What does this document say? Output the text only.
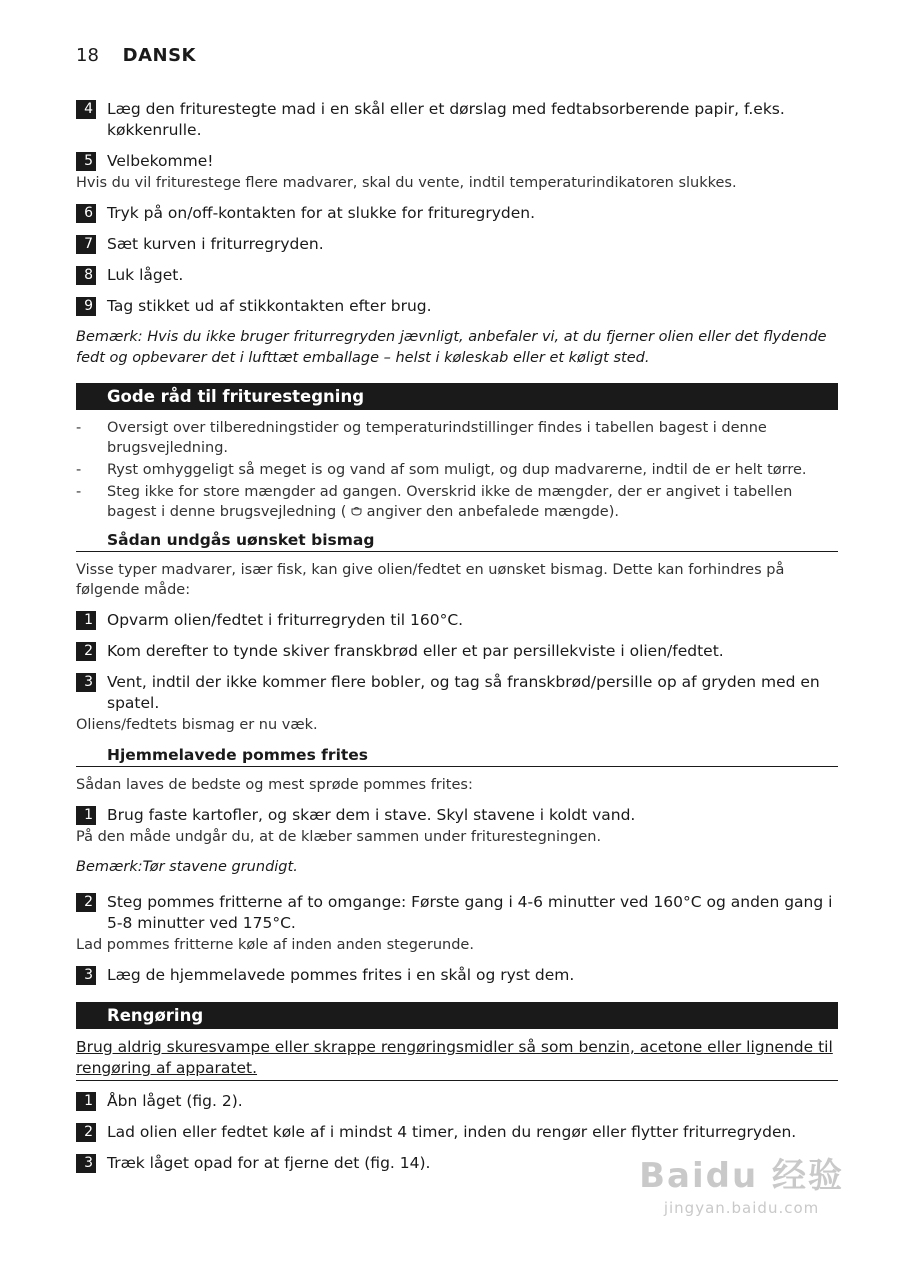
18 DANSK
4 Læg den friturestegte mad i en skål eller et dørslag med fedtabsorberende papir, f.eks. køkkenrulle.
5 Velbekomme!
Hvis du vil friturestege flere madvarer, skal du vente, indtil temperaturindikatoren slukkes.
6 Tryk på on/off-kontakten for at slukke for frituregryden.
7 Sæt kurven i friturregryden.
8 Luk låget.
9 Tag stikket ud af stikkontakten efter brug.
Bemærk: Hvis du ikke bruger friturregryden jævnligt, anbefaler vi, at du fjerner olien eller det flydende fedt og opbevarer det i lufttæt emballage – helst i køleskab eller et køligt sted.
Gode råd til friturestegning
-	Oversigt over tilberedningstider og temperaturindstillinger findes i tabellen bagest i denne brugsvejledning.
-	Ryst omhyggeligt så meget is og vand af som muligt, og dup madvarerne, indtil de er helt tørre.
-	Steg ikke for store mængder ad gangen. Overskrid ikke de mængder, der er angivet i tabellen bagest i denne brugsvejledning (  angiver den anbefalede mængde).
Sådan undgås uønsket bismag
Visse typer madvarer, især fisk, kan give olien/fedtet en uønsket bismag. Dette kan forhindres på følgende måde:
1 Opvarm olien/fedtet i friturregryden til 160°C.
2 Kom derefter to tynde skiver franskbrød eller et par persillekviste i olien/fedtet.
3 Vent, indtil der ikke kommer flere bobler, og tag så franskbrød/persille op af gryden med en spatel.
Oliens/fedtets bismag er nu væk.
Hjemmelavede pommes frites
Sådan laves de bedste og mest sprøde pommes frites:
1 Brug faste kartofler, og skær dem i stave. Skyl stavene i koldt vand.
På den måde undgår du, at de klæber sammen under friturestegningen.
Bemærk:Tør stavene grundigt.
2 Steg pommes fritterne af to omgange: Første gang i 4-6 minutter ved 160°C og anden gang i 5-8 minutter ved 175°C.
Lad pommes fritterne køle af inden anden stegerunde.
3 Læg de hjemmelavede pommes frites i en skål og ryst dem.
Rengøring
Brug aldrig skuresvampe eller skrappe rengøringsmidler så som benzin, acetone eller lignende til rengøring af apparatet.
1 Åbn låget (fig. 2).
2 Lad olien eller fedtet køle af i mindst 4 timer, inden du rengør eller flytter friturregryden.
3 Træk låget opad for at fjerne det (fig. 14).	Baidu 经验
jingyan.baidu.com
